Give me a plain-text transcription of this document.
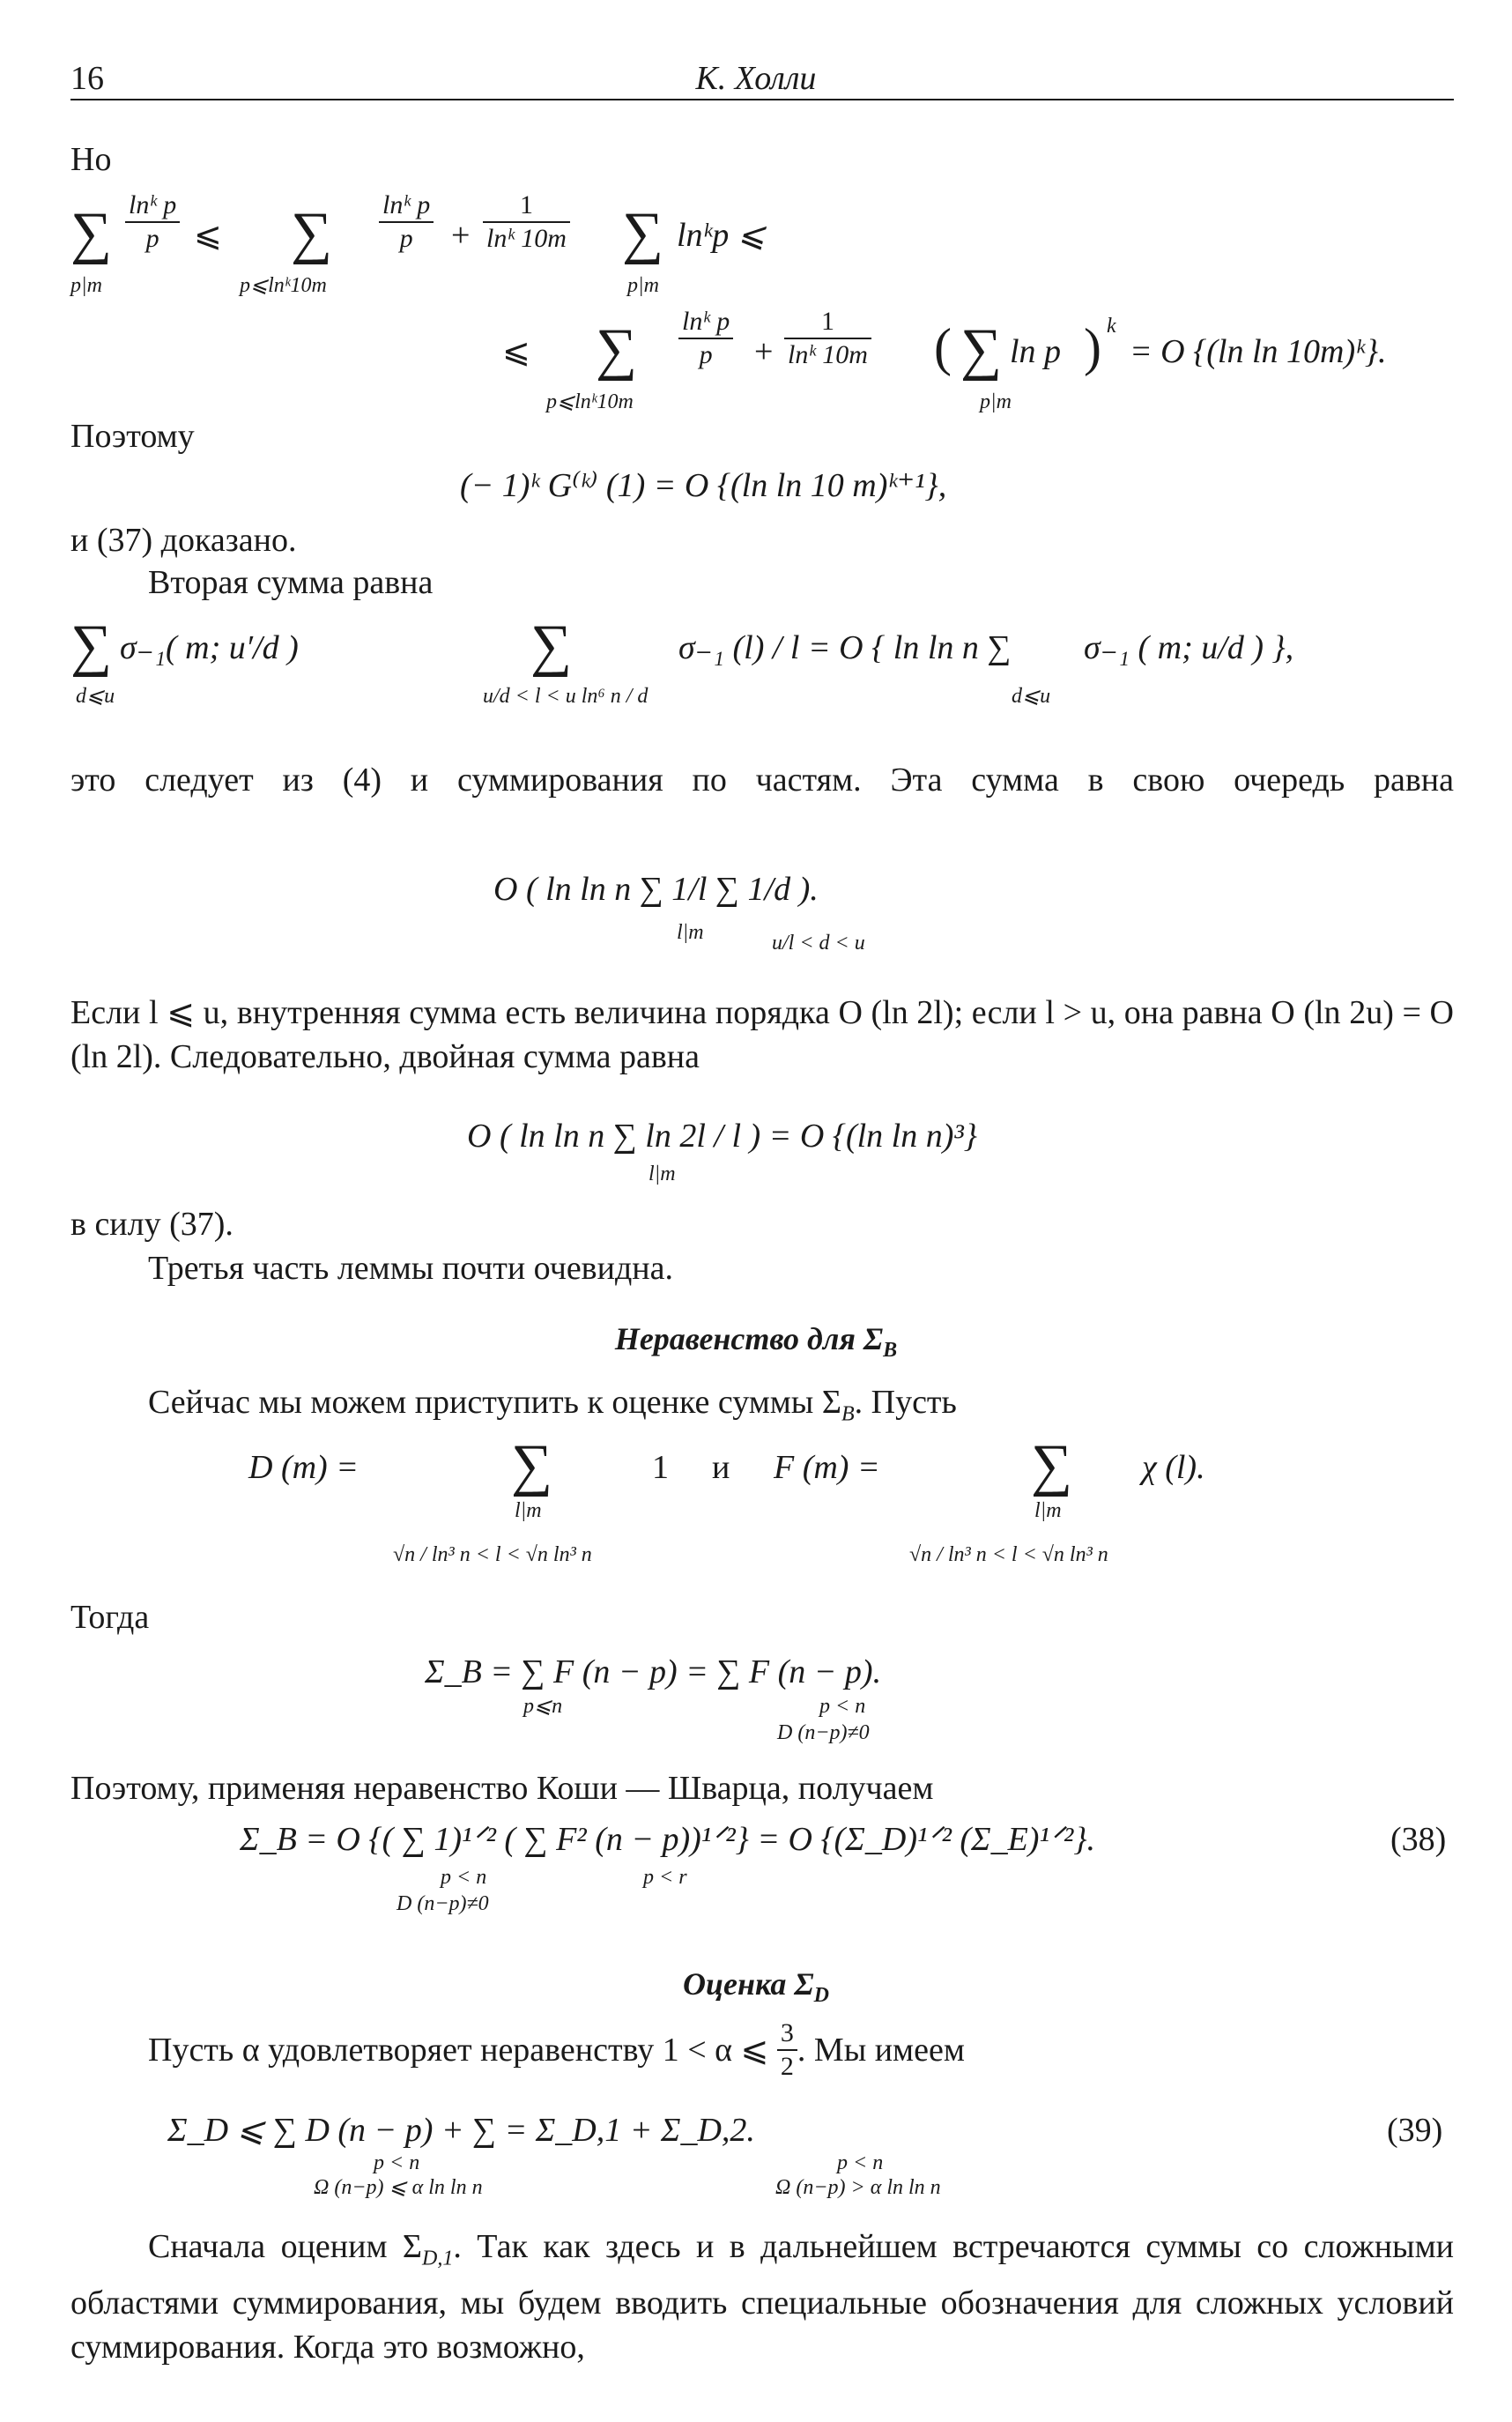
16	К. Холли
Но
∑ $\frac{\text{lnᵏ p}}{p}$ ⩽
p|m
∑
p⩽lnᵏ10m
$\frac{\text{lnᵏ p}}{p} + \frac{1}{\text{lnᵏ 10m}}$ ∑
p|m
lnᵏp ⩽
⩽ ∑
p⩽lnᵏ10m
$\frac{\text{lnᵏ p}}{p} + \frac{1}{\text{lnᵏ 10m}}$ ( ∑
p|m
ln p ) k
= O {(ln ln 10m)ᵏ}.
Поэтому
(− 1)ᵏ G⁽ᵏ⁾ (1) = O {(ln ln 10 m)ᵏ⁺¹},
и (37) доказано.
Вторая сумма равна
∑
d⩽u
σ₋₁( m; u′/d )	∑
u/d < l < u ln⁶ n / d
σ₋₁ (l) / l = O { ln ln n ∑
d⩽u
σ₋₁ ( m; u/d ) },
это следует из (4) и суммирования по частям. Эта сумма в свою очередь равна
O ( ln ln n ∑ 1/l ∑ 1/d ).
l|m	u/l < d < u
Если l ⩽ u, внутренняя сумма есть величина порядка O (ln 2l); если l > u, она равна O (ln 2u) = O (ln 2l). Следовательно, двойная сумма равна
O ( ln ln n ∑ ln 2l / l ) = O {(ln ln n)³}
l|m
в силу (37).
Третья часть леммы почти очевидна.
Неравенство для $\Sigma_B$
Сейчас мы можем приступить к оценке суммы $\Sigma_B$. Пусть
D (m) =	∑
l|m
√n / ln³ n < l < √n ln³ n
1 и F (m) =	∑
l|m
√n / ln³ n < l < √n ln³ n
χ (l).
Тогда
Σ_B = ∑ F (n − p) = ∑ F (n − p).
p⩽n	p < n
D (n−p)≠0
Поэтому, применяя неравенство Коши — Шварца, получаем
Σ_B = O {( ∑ 1)¹ᐟ² ( ∑ F² (n − p))¹ᐟ²} = O {(Σ_D)¹ᐟ² (Σ_E)¹ᐟ²}.
p < n
D (n−p)≠0
p < r
(38)
Оценка $\Sigma_D$
Пусть α удовлетворяет неравенству 1 < α ⩽ $\frac{3}{2}$ . Мы имеем
Σ_D ⩽ ∑ D (n − p) + ∑ = Σ_D,1 + Σ_D,2.
p < n
Ω (n−p) ⩽ α ln ln n
p < n
Ω (n−p) > α ln ln n
(39)
Сначала оценим $\Sigma_{D,1}$. Так как здесь и в дальнейшем встречаются суммы со сложными областями суммирования, мы будем вводить специальные обозначения для сложных условий суммирования. Когда это возможно,
